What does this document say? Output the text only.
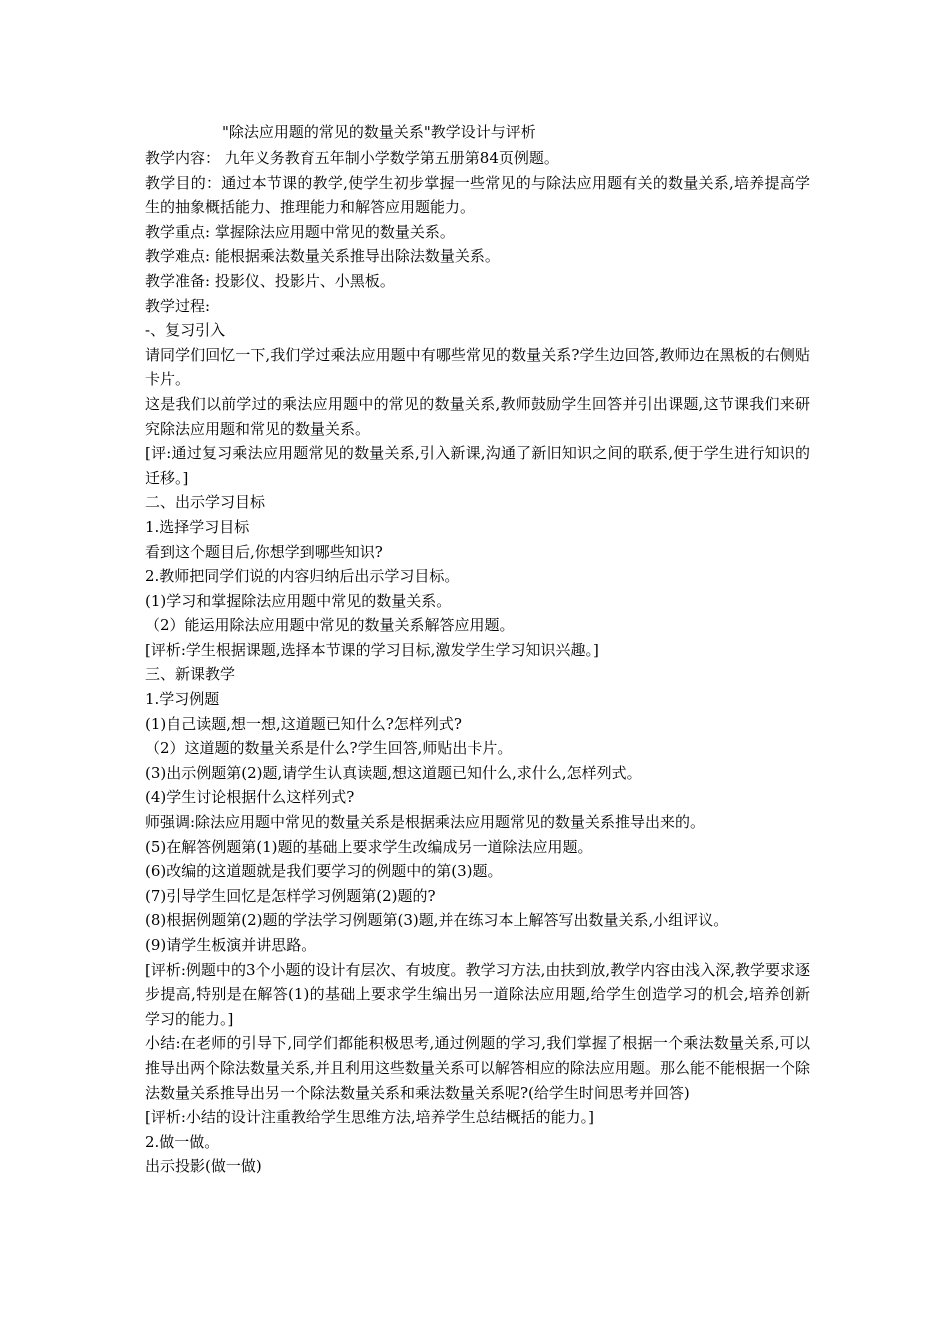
"除法应用题的常见的数量关系"教学设计与评析

教学内容： 九年义务教育五年制小学数学第五册第84页例题。

教学目的：通过本节课的教学,使学生初步掌握一些常见的与除法应用题有关的数量关系,培养提高学生的抽象概括能力、推理能力和解答应用题能力。

教学重点: 掌握除法应用题中常见的数量关系。

教学难点: 能根据乘法数量关系推导出除法数量关系。

教学准备: 投影仪、投影片、小黑板。

教学过程:

-、复习引入

请同学们回忆一下,我们学过乘法应用题中有哪些常见的数量关系?学生边回答,教师边在黑板的右侧贴卡片。

这是我们以前学过的乘法应用题中的常见的数量关系,教师鼓励学生回答并引出课题,这节课我们来研究除法应用题和常见的数量关系。

[评:通过复习乘法应用题常见的数量关系,引入新课,沟通了新旧知识之间的联系,便于学生进行知识的迁移。]

二、出示学习目标

1.选择学习目标

看到这个题目后,你想学到哪些知识?

2.教师把同学们说的内容归纳后出示学习目标。

(1)学习和掌握除法应用题中常见的数量关系。

（2）能运用除法应用题中常见的数量关系解答应用题。

[评析:学生根据课题,选择本节课的学习目标,激发学生学习知识兴趣。]

三、新课教学

1.学习例题

(1)自己读题,想一想,这道题已知什么?怎样列式?

（2）这道题的数量关系是什么?学生回答,师贴出卡片。

(3)出示例题第(2)题,请学生认真读题,想这道题已知什么,求什么,怎样列式。

(4)学生讨论根据什么这样列式?

师强调:除法应用题中常见的数量关系是根据乘法应用题常见的数量关系推导出来的。

(5)在解答例题第(1)题的基础上要求学生改编成另一道除法应用题。

(6)改编的这道题就是我们要学习的例题中的第(3)题。

(7)引导学生回忆是怎样学习例题第(2)题的?

(8)根据例题第(2)题的学法学习例题第(3)题,并在练习本上解答写出数量关系,小组评议。

(9)请学生板演并讲思路。

[评析:例题中的3个小题的设计有层次、有坡度。教学习方法,由扶到放,教学内容由浅入深,教学要求逐步提高,特别是在解答(1)的基础上要求学生编出另一道除法应用题,给学生创造学习的机会,培养创新学习的能力。]

小结:在老师的引导下,同学们都能积极思考,通过例题的学习,我们掌握了根据一个乘法数量关系,可以推导出两个除法数量关系,并且利用这些数量关系可以解答相应的除法应用题。那么能不能根据一个除法数量关系推导出另一个除法数量关系和乘法数量关系呢?(给学生时间思考并回答)

[评析:小结的设计注重教给学生思维方法,培养学生总结概括的能力。]

2.做一做。

出示投影(做一做)
